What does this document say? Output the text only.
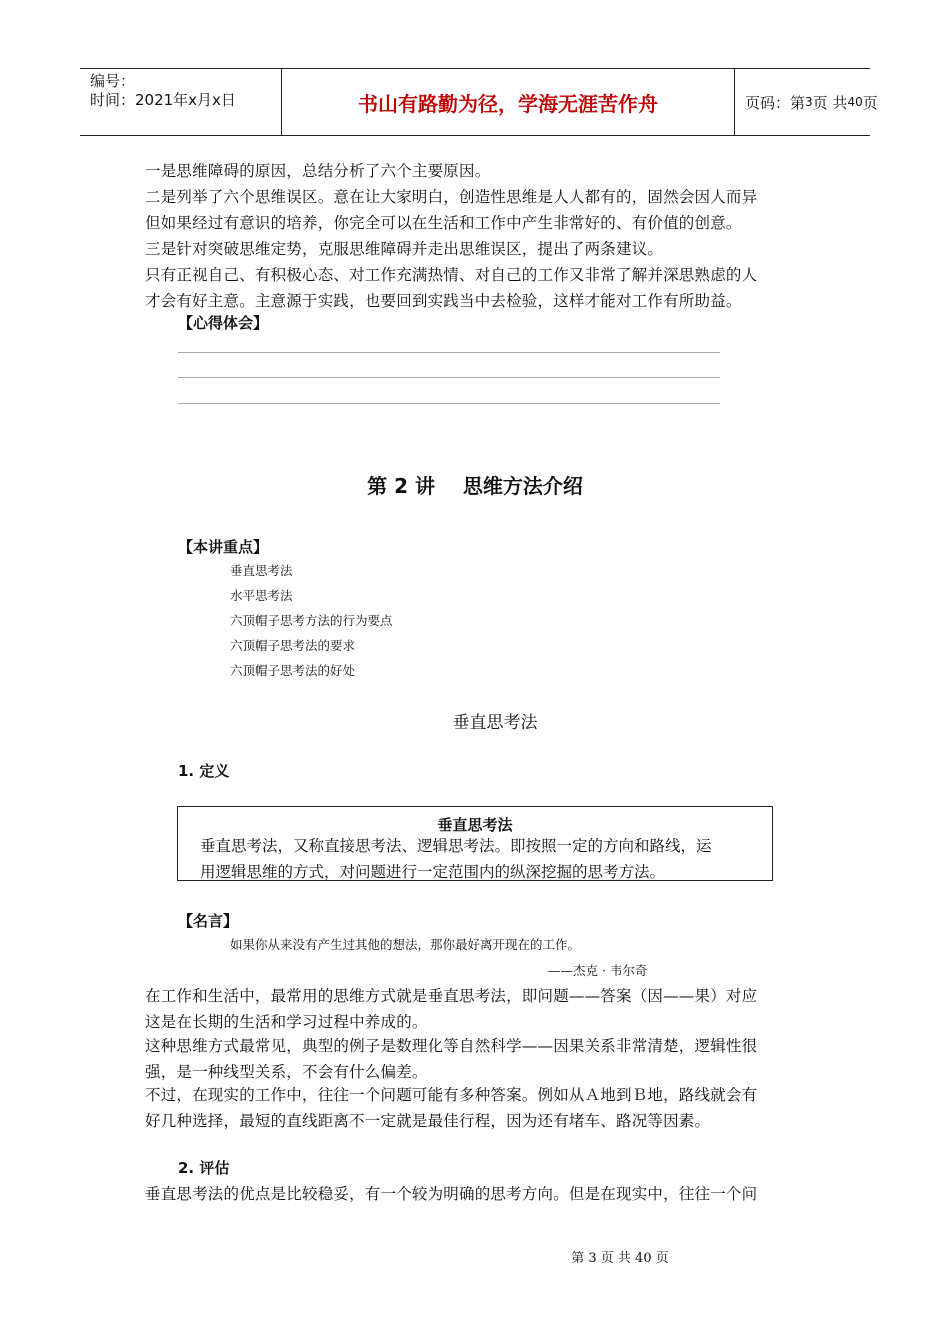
编号：
时间：2021年x月x日	书山有路勤为径，学海无涯苦作舟	页码：第 3 页 共 40 页
一是思维障碍的原因，总结分析了六个主要原因。
二是列举了六个思维误区。意在让大家明白，创造性思维是人人都有的，固然会因人而异
但如果经过有意识的培养，你完全可以在生活和工作中产生非常好的、有价值的创意。
三是针对突破思维定势，克服思维障碍并走出思维误区，提出了两条建议。
只有正视自己、有积极心态、对工作充满热情、对自己的工作又非常了解并深思熟虑的人
才会有好主意。主意源于实践，也要回到实践当中去检验，这样才能对工作有所助益。
【心得体会】
第 2 讲    思维方法介绍
【本讲重点】
垂直思考法
水平思考法
六顶帽子思考方法的行为要点
六顶帽子思考法的要求
六顶帽子思考法的好处
垂直思考法
1. 定义
垂直思考法
垂直思考法，又称直接思考法、逻辑思考法。即按照一定的方向和路线，运
用逻辑思维的方式，对问题进行一定范围内的纵深挖掘的思考方法。
【名言】
如果你从来没有产生过其他的想法，那你最好离开现在的工作。
——杰克 · 韦尔奇
在工作和生活中，最常用的思维方式就是垂直思考法，即问题——答案（因——果）对应
这是在长期的生活和学习过程中养成的。
这种思维方式最常见，典型的例子是数理化等自然科学——因果关系非常清楚，逻辑性很
强，是一种线型关系，不会有什么偏差。
不过，在现实的工作中，往往一个问题可能有多种答案。例如从Ａ地到Ｂ地，路线就会有
好几种选择，最短的直线距离不一定就是最佳行程，因为还有堵车、路况等因素。
2. 评估
垂直思考法的优点是比较稳妥，有一个较为明确的思考方向。但是在现实中，往往一个问
第 3 页 共 40 页
